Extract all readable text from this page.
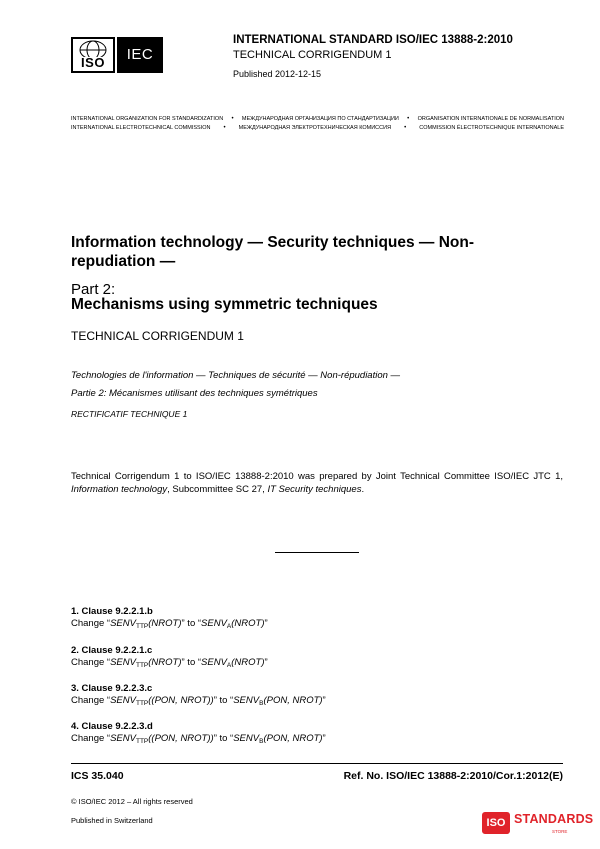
ISO	IEC
INTERNATIONAL STANDARD ISO/IEC 13888-2:2010
TECHNICAL CORRIGENDUM 1
Published 2012-12-15
INTERNATIONAL ORGANIZATION FOR STANDARDIZATION • МЕЖДУНАРОДНАЯ ОРГАНИЗАЦИЯ ПО СТАНДАРТИЗАЦИИ • ORGANISATION INTERNATIONALE DE NORMALISATION
INTERNATIONAL ELECTROTECHNICAL COMMISSION • МЕЖДУНАРОДНАЯ ЭЛЕКТРОТЕХНИЧЕСКАЯ КОМИССИЯ • COMMISSION ÉLECTROTECHNIQUE INTERNATIONALE
Information technology — Security techniques — Non-
repudiation —
Part 2:
Mechanisms using symmetric techniques
TECHNICAL CORRIGENDUM 1
Technologies de l'information — Techniques de sécurité — Non-répudiation —
Partie 2: Mécanismes utilisant des techniques symétriques
RECTIFICATIF TECHNIQUE 1
Technical Corrigendum 1 to ISO/IEC 13888-2:2010 was prepared by Joint Technical Committee ISO/IEC JTC 1, Information technology, Subcommittee SC 27, IT Security techniques.
1. Clause 9.2.2.1.b
Change “$SENV_{TTP}(NROT)$” to “$SENV_A(NROT)$”
2. Clause 9.2.2.1.c
Change “$SENV_{TTP}(NROT)$” to “$SENV_A(NROT)$”
3. Clause 9.2.2.3.c
Change “$SENV_{TTP}((PON$, NROT))” to “$SENV_B(PON$, NROT)”
4. Clause 9.2.2.3.d
Change “$SENV_{TTP}((PON$, NROT))” to “$SENV_B(PON$, NROT)”
ICS 35.040	Ref. No. ISO/IEC 13888-2:2010/Cor.1:2012(E)
© ISO/IEC 2012 – All rights reserved
Published in Switzerland	ISO STANDARDS
STORE
